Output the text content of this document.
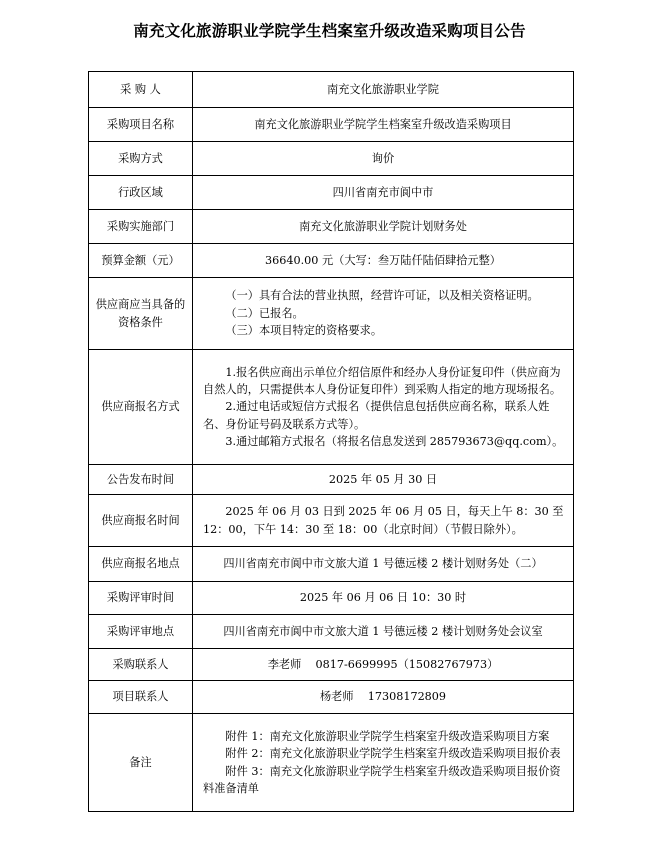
南充文化旅游职业学院学生档案室升级改造采购项目公告
采 购 人	南充文化旅游职业学院
采购项目名称	南充文化旅游职业学院学生档案室升级改造采购项目
采购方式	询价
行政区域	四川省南充市阆中市
采购实施部门	南充文化旅游职业学院计划财务处
预算金额（元）	36640.00 元（大写：叁万陆仟陆佰肆拾元整）
供应商应当具备的资格条件	（一）具有合法的营业执照，经营许可证，以及相关资格证明。
（二）已报名。
（三）本项目特定的资格要求。

供应商报名方式	1.报名供应商出示单位介绍信原件和经办人身份证复印件（供应商为自然人的，只需提供本人身份证复印件）到采购人指定的地方现场报名。
2.通过电话或短信方式报名（提供信息包括供应商名称，联系人姓名、身份证号码及联系方式等）。
3.通过邮箱方式报名（将报名信息发送到 285793673@qq.com）。

公告发布时间	2025 年 05 月 30 日
供应商报名时间	2025 年 06 月 03 日到 2025 年 06 月 05 日，每天上午 8：30 至 12：00，下午 14：30 至 18：00（北京时间）（节假日除外）。

供应商报名地点	四川省南充市阆中市文旅大道 1 号德远楼 2 楼计划财务处（二）
采购评审时间	2025 年 06 月 06 日 10：30 时
采购评审地点	四川省南充市阆中市文旅大道 1 号德远楼 2 楼计划财务处会议室
采购联系人	李老师    0817-6699995（15082767973）
项目联系人	杨老师    17308172809
备注	附件 1：南充文化旅游职业学院学生档案室升级改造采购项目方案
附件 2：南充文化旅游职业学院学生档案室升级改造采购项目报价表
附件 3：南充文化旅游职业学院学生档案室升级改造采购项目报价资料准备清单
